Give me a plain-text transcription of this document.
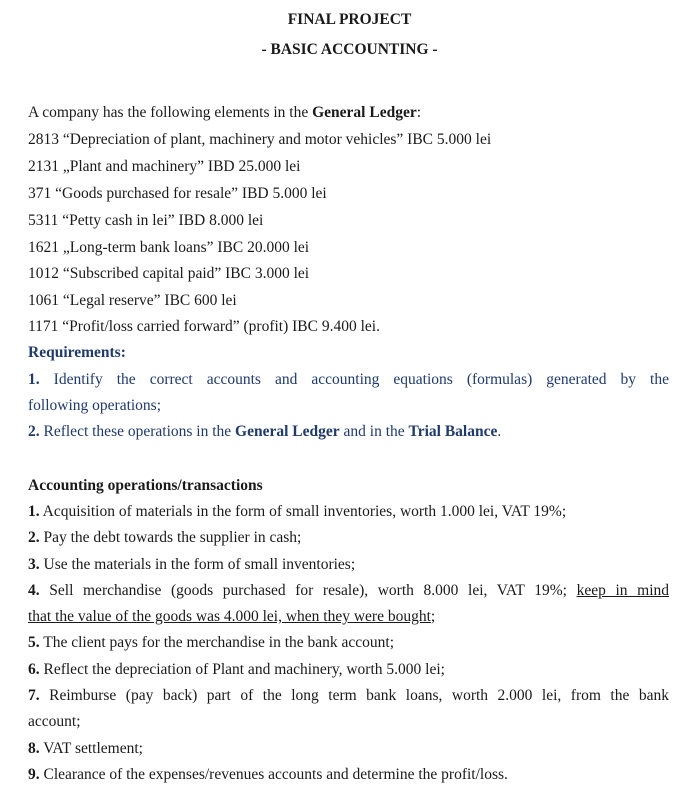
FINAL PROJECT
- BASIC ACCOUNTING -
A company has the following elements in the General Ledger:
2813 “Depreciation of plant, machinery and motor vehicles” IBC 5.000 lei
2131 „Plant and machinery” IBD 25.000 lei
371 “Goods purchased for resale” IBD 5.000 lei
5311 “Petty cash in lei” IBD 8.000 lei
1621 „Long-term bank loans” IBC 20.000 lei
1012 “Subscribed capital paid” IBC 3.000 lei
1061 “Legal reserve” IBC 600 lei
1171 “Profit/loss carried forward” (profit) IBC 9.400 lei.
Requirements:
1. Identify the correct accounts and accounting equations (formulas) generated by the
following operations;
2. Reflect these operations in the General Ledger and in the Trial Balance.
Accounting operations/transactions
1. Acquisition of materials in the form of small inventories, worth 1.000 lei, VAT 19%;
2. Pay the debt towards the supplier in cash;
3. Use the materials in the form of small inventories;
4. Sell merchandise (goods purchased for resale), worth 8.000 lei, VAT 19%; keep in mind
that the value of the goods was 4.000 lei, when they were bought;
5. The client pays for the merchandise in the bank account;
6. Reflect the depreciation of Plant and machinery, worth 5.000 lei;
7. Reimburse (pay back) part of the long term bank loans, worth 2.000 lei, from the bank
account;
8. VAT settlement;
9. Clearance of the expenses/revenues accounts and determine the profit/loss.
